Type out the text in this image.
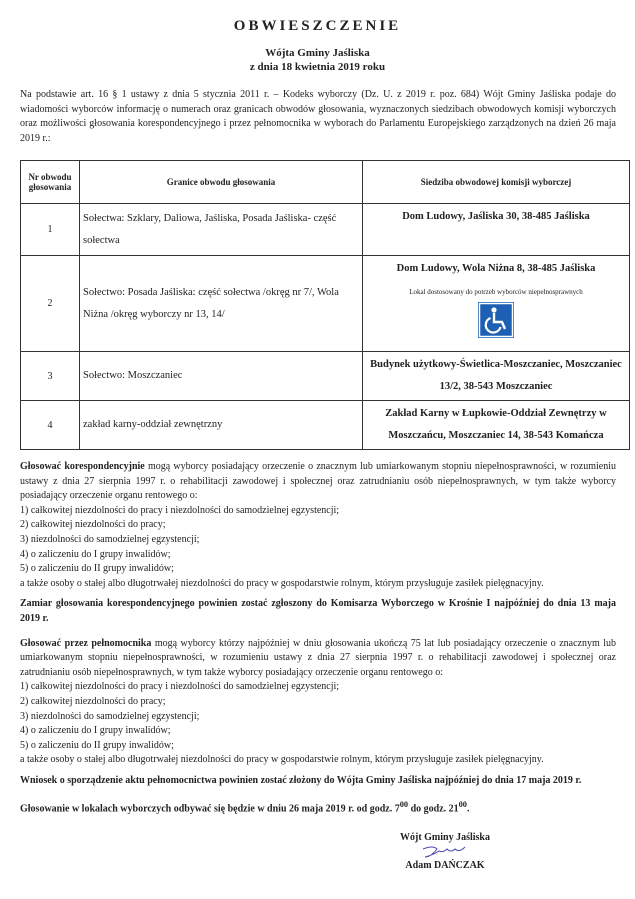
OBWIESZCZENIE
Wójta Gminy Jaśliska
z dnia 18 kwietnia 2019 roku
Na podstawie art. 16 § 1 ustawy z dnia 5 stycznia 2011 r. – Kodeks wyborczy (Dz. U. z 2019 r. poz. 684) Wójt Gminy Jaśliska podaje do wiadomości wyborców informację o numerach oraz granicach obwodów głosowania, wyznaczonych siedzibach obwodowych komisji wyborczych oraz możliwości głosowania korespondencyjnego i przez pełnomocnika w wyborach do Parlamentu Europejskiego zarządzonych na dzień 26 maja 2019 r.:
Nr obwodu głosowania	Granice obwodu głosowania	Siedziba obwodowej komisji wyborczej
1	Sołectwa: Szklary, Daliowa, Jaśliska, Posada Jaśliska- część sołectwa	Dom Ludowy, Jaśliska 30, 38-485 Jaśliska
2	Sołectwo: Posada Jaśliska: część sołectwa /okręg nr 7/, Wola Niżna /okręg wyborczy nr 13, 14/	Dom Ludowy, Wola Niżna 8, 38-485 Jaśliska
Lokal dostosowany do potrzeb wyborców niepełnosprawnych

3	Sołectwo: Moszczaniec	Budynek użytkowy-Świetlica-Moszczaniec, Moszczaniec 13/2, 38-543 Moszczaniec
4	zakład karny-oddział zewnętrzny	Zakład Karny w Łupkowie-Oddział Zewnętrzy w Moszczańcu, Moszczaniec 14, 38-543 Komańcza

Głosować korespondencyjnie mogą wyborcy posiadający orzeczenie o znacznym lub umiarkowanym stopniu niepełnosprawności, w rozumieniu ustawy z dnia 27 sierpnia 1997 r. o rehabilitacji zawodowej i społecznej oraz zatrudnianiu osób niepełnosprawnych, w tym także wyborcy posiadający orzeczenie organu rentowego o:

1) całkowitej niezdolności do pracy i niezdolności do samodzielnej egzystencji;

2) całkowitej niezdolności do pracy;

3) niezdolności do samodzielnej egzystencji;

4) o zaliczeniu do I grupy inwalidów;

5) o zaliczeniu do II grupy inwalidów;

a także osoby o stałej albo długotrwałej niezdolności do pracy w gospodarstwie rolnym, którym przysługuje zasiłek pielęgnacyjny.

Zamiar głosowania korespondencyjnego powinien zostać zgłoszony do Komisarza Wyborczego w Krośnie I najpóźniej do dnia 13 maja 2019 r.

Głosować przez pełnomocnika mogą wyborcy którzy najpóźniej w dniu głosowania ukończą 75 lat lub posiadający orzeczenie o znacznym lub umiarkowanym stopniu niepełnosprawności, w rozumieniu ustawy z dnia 27 sierpnia 1997 r. o rehabilitacji zawodowej i społecznej oraz zatrudnianiu osób niepełnosprawnych, w tym także wyborcy posiadający orzeczenie organu rentowego o:

1) całkowitej niezdolności do pracy i niezdolności do samodzielnej egzystencji;

2) całkowitej niezdolności do pracy;

3) niezdolności do samodzielnej egzystencji;

4) o zaliczeniu do I grupy inwalidów;

5) o zaliczeniu do II grupy inwalidów;

a także osoby o stałej albo długotrwałej niezdolności do pracy w gospodarstwie rolnym, którym przysługuje zasiłek pielęgnacyjny.

Wniosek o sporządzenie aktu pełnomocnictwa powinien zostać złożony do Wójta Gminy Jaśliska najpóźniej do dnia 17 maja 2019 r.

Głosowanie w lokalach wyborczych odbywać się będzie w dniu 26 maja 2019 r. od godz. $7^{00}$ do godz. $21^{00}$.

Wójt Gminy Jaśliska
Adam DAŃCZAK
